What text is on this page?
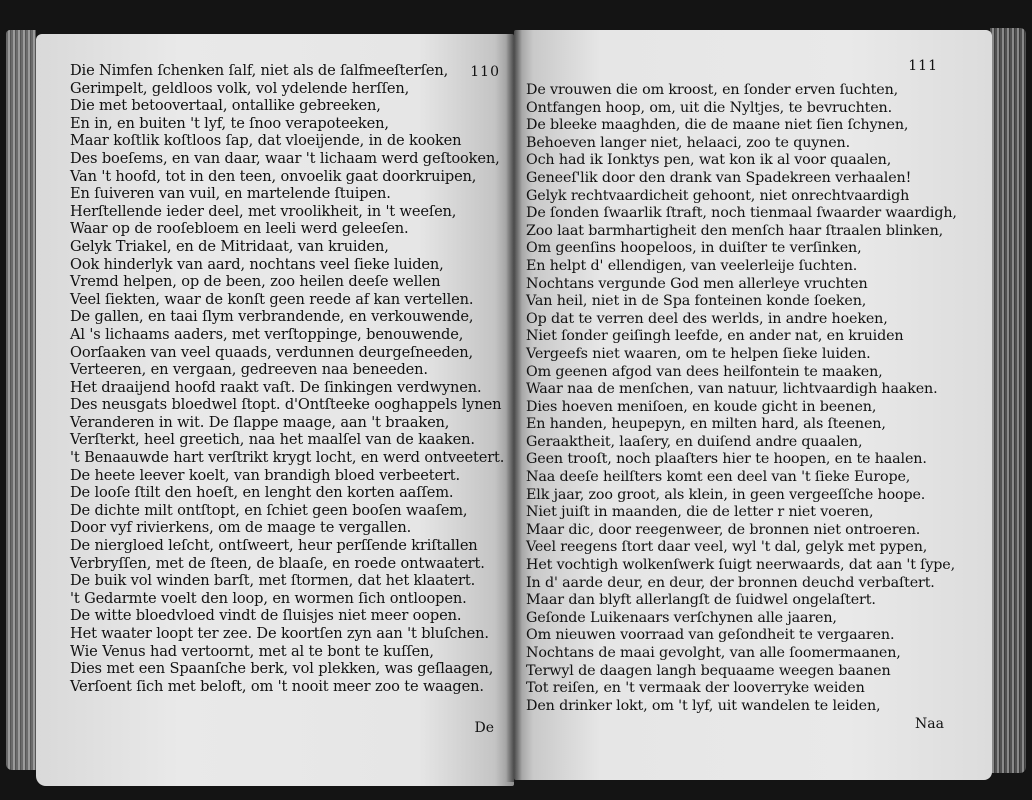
110
Die Nimfen ſchenken ſalf, niet als de ſalfmeeſterſen,
Gerimpelt, geldloos volk, vol ydelende herſſen,
Die met betoovertaal, ontallike gebreeken,
En in, en buiten 't lyf, te ſnoo verapoteeken,
Maar koſtlik koſtloos ſap, dat vloeijende, in de kooken
Des boeſems, en van daar, waar 't lichaam werd geſtooken,
Van 't hoofd, tot in den teen, onvoelik gaat doorkruipen,
En ſuiveren van vuil, en martelende ſtuipen.
Herſtellende ieder deel, met vroolikheit, in 't weeſen,
Waar op de rooſebloem en leeli werd geleeſen.
Gelyk Triakel, en de Mitridaat, van kruiden,
Ook hinderlyk van aard, nochtans veel ſieke luiden,
Vremd helpen, op de been, zoo heilen deeſe wellen
Veel ſiekten, waar de konſt geen reede af kan vertellen.
De gallen, en taai ſlym verbrandende, en verkouwende,
Al 's lichaams aaders, met verſtoppinge, benouwende,
Oorſaaken van veel quaads, verdunnen deurgeſneeden,
Verteeren, en vergaan, gedreeven naa beneeden.
Het draaijend hoofd raakt vaſt. De ſinkingen verdwynen.
Des neusgats bloedwel ſtopt. d'Ontſteeke ooghappels lynen
Veranderen in wit. De ſlappe maage, aan 't braaken,
Verſterkt, heel greetich, naa het maalſel van de kaaken.
't Benaauwde hart verſtrikt krygt locht, en werd ontveetert.
De heete leever koelt, van brandigh bloed verbeetert.
De looſe ſtilt den hoeſt, en lenght den korten aaſſem.
De dichte milt ontſtopt, en ſchiet geen booſen waaſem,
Door vyf rivierkens, om de maage te vergallen.
De niergloed leſcht, ontſweert, heur perſſende kriſtallen
Verbryſſen, met de ſteen, de blaaſe, en roede ontwaatert.
De buik vol winden barſt, met ſtormen, dat het klaatert.
't Gedarmte voelt den loop, en wormen ſich ontloopen.
De witte bloedvloed vindt de ſluisjes niet meer oopen.
Het waater loopt ter zee. De koortſen zyn aan 't bluſchen.
Wie Venus had vertoornt, met al te bont te kuſſen,
Dies met een Spaanſche berk, vol plekken, was geſlaagen,
Verſoent ſich met beloft, om 't nooit meer zoo te waagen.
De
111
De vrouwen die om kroost, en ſonder erven ſuchten,
Ontfangen hoop, om, uit die Nyltjes, te bevruchten.
De bleeke maaghden, die de maane niet ſien ſchynen,
Behoeven langer niet, helaaci, zoo te quynen.
Och had ik Ionktys pen, wat kon ik al voor quaalen,
Geneeſ'lik door den drank van Spadekreen verhaalen!
Gelyk rechtvaardicheit gehoont, niet onrechtvaardigh
De ſonden ſwaarlik ſtraft, noch tienmaal ſwaarder waardigh,
Zoo laat barmhartigheit den menſch haar ſtraalen blinken,
Om geenſins hoopeloos, in duiſter te verſinken,
En helpt d' ellendigen, van veelerleije ſuchten.
Nochtans vergunde God men allerleye vruchten
Van heil, niet in de Spa fonteinen konde ſoeken,
Op dat te verren deel des werlds, in andre hoeken,
Niet ſonder geiſingh leefde, en ander nat, en kruiden
Vergeefs niet waaren, om te helpen ſieke luiden.
Om geenen afgod van dees heilfontein te maaken,
Waar naa de menſchen, van natuur, lichtvaardigh haaken.
Dies hoeven meniſoen, en koude gicht in beenen,
En handen, heupepyn, en milten hard, als ſteenen,
Geraaktheit, laaſery, en duiſend andre quaalen,
Geen trooſt, noch plaaſters hier te hoopen, en te haalen.
Naa deeſe heilſters komt een deel van 't ſieke Europe,
Elk jaar, zoo groot, als klein, in geen vergeeſſche hoope.
Niet juiſt in maanden, die de letter r niet voeren,
Maar dic, door reegenweer, de bronnen niet ontroeren.
Veel reegens ſtort daar veel, wyl 't dal, gelyk met pypen,
Het vochtigh wolkenſwerk ſuigt neerwaards, dat aan 't ſype,
In d' aarde deur, en deur, der bronnen deuchd verbaſtert.
Maar dan blyft allerlangſt de ſuidwel ongelaſtert.
Geſonde Luikenaars verſchynen alle jaaren,
Om nieuwen voorraad van geſondheit te vergaaren.
Nochtans de maai gevolght, van alle ſoomermaanen,
Terwyl de daagen langh bequaame weegen baanen
Tot reiſen, en 't vermaak der looverryke weiden
Den drinker lokt, om 't lyf, uit wandelen te leiden,
Naa
